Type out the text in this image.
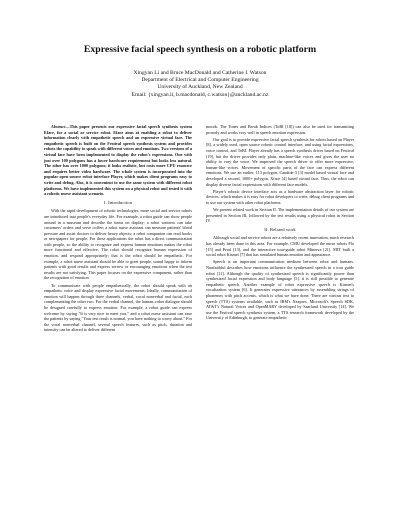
Expressive facial speech synthesis on a robotic platform
Xingyan Li and Bruce MacDonald and Catherine I. Watson
Department of Electrical and Computer Engineering
University of Auckland, New Zealand
Email: {xingyan.li, b.macdonald, c.watson}@auckland.ac.nz

Abstract—This paper presents our expressive facial speech synthesis system Eface, for a social or service robot. Eface aims at enabling a robot to deliver information clearly with empathetic speech and an expressive virtual face. The empathetic speech is built on the Festival speech synthesis system and provides robots the capability to speak with different voices and emotions. Two versions of a virtual face have been implemented to display the robot's expressions. One with just over 100 polygons has a lower hardware requirement but looks less natural. The other has over 1000 polygons; it looks realistic, but costs more CPU resource and requires better video hardware. The whole system is incorporated into the popular open source robot interface Player, which makes client programs easy to write and debug. Also, it is convenient to use the same system with different robot platforms. We have implemented this system on a physical robot and tested it with a robotic nurse assistant scenario.

I. Introduction

With the rapid development of robotic technologies, more social and service robots are introduced into people's everyday life. For example, a robot guide can show people around in a museum and describe the items on display; a robot waitress can take customers' orders and serve coffee; a robot nurse assistant can measure patients' blood pressure and assist doctors to deliver heavy objects; a robot companion can read books or newspapers for people. For these applications the robot has a direct communication with people, so the ability to recognize and express human emotions makes the robot more functional and effective. The robot should recognize human expression of emotion, and respond appropriately; that is the robot should be empathetic. For example, a robot nurse assistant should be able to greet people, sound happy to inform patients with good results and express sorrow or encouraging emotions when the test results are not satisfying. This paper focuses on the expressive component, rather than the recognition of emotion.

To communicate with people empathetically, the robot should speak with an empathetic voice and display expressive facial movements. Ideally, communication of emotion will happen through three channels, verbal, vocal nonverbal and facial, each complementing the other two. For the verbal channel, the human–robot dialogue should be designed carefully to express emotion. For example, a robot guide can express welcome by saying "It is very nice to meet you," and a robot nurse assistant can ease the patients by saying "Your test result is normal, you have nothing to worry about." For the vocal nonverbal channel, several speech features, such as pitch, duration and intensity can be altered to deliver different

moods. The Tones and Break Indices (ToBI [18]) can also be used for transmitting prosody and works very well in speech emotion expression.

Our goal is to provide expressive facial speech synthesis for robots based on Player [8], a widely used, open source robotic control interface, and using facial expressions, voice control, and ToBI. Player already has a speech synthesis driver based on Festival [19], but the driver provides only plain, machine-like voices and gives the user no ability to vary the voice. We improved the speech driver to offer more expressive, human-like voices. Movement of specific parts of the face can express different emotions. We use an earlier, 113 polygon, Candide-3 [3] model based virtual face and developed a second, 1000+ polygon, Xface [4] based virtual face. Thus, the robot can display diverse facial expressions with different face models.

Player's robotic device interface acts as a hardware abstraction layer for robotic devices, which makes it is easy for robot developers to write, debug client programs and to use our system with other robot platforms.

We present related work in Section II. The implementation details of our system are presented in Section III, followed by the test results using a physical robot in Section IV.

II. Related work

Although social and service robots are a relatively recent innovation, much research has already been done in this area. For example, CMU developed the nurse robots Flo [15] and Pearl [13], and the interactive tour-guide robot Minerva [21]. MIT built a social robot Kismet [7] that has simulated human emotion and appearance.

Speech is an important communication medium between robot and humans. Nonfaithful describes how emotions influence the synthesized speech in a tour guide robot [11]. Although the quality of synthesized speech is significantly poorer than synthesized facial expression and body language [5], it is still possible to generate empathetic speech. Another example of robot expressive speech is Kismet's vocalization system [6]. It generates expressive utterances by assembling strings of phonemes with pitch accents, which is what we have done. There are various text to speech (TTS) systems available, such as IBM's Naxpres, Microsoft's Speech SDK, AT&T's Natural Voices and OpenMARY developed by Saarland University [14]. We use the Festival speech synthesis system, a TTS research framework developed by the University of Edinburgh, to generate empathetic
